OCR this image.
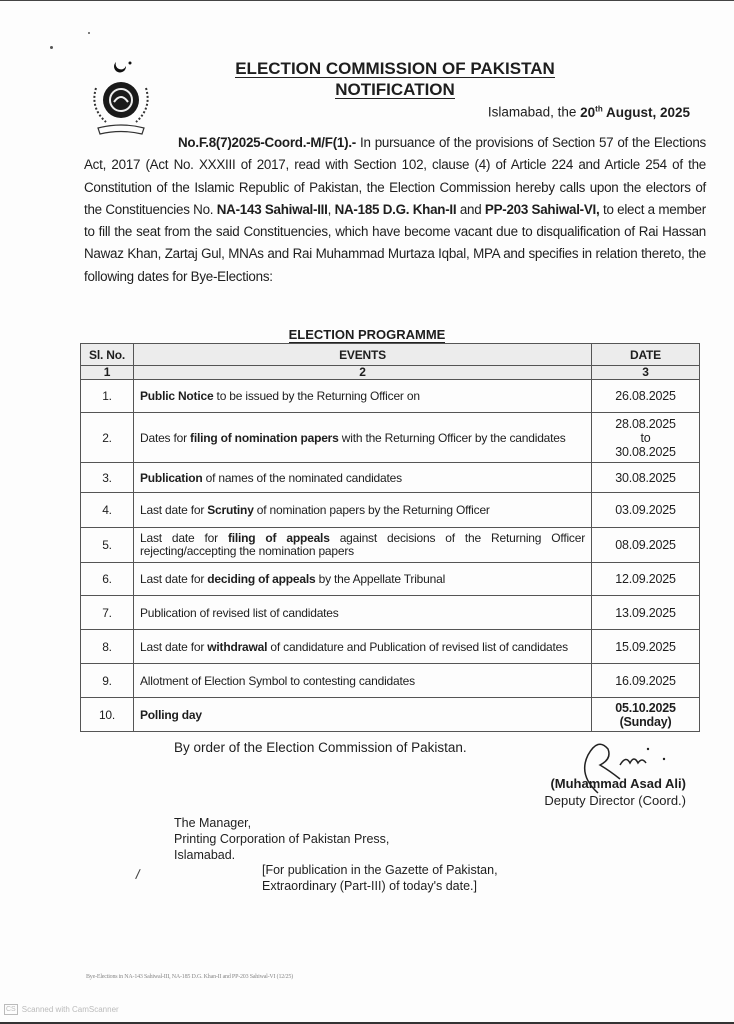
ELECTION COMMISSION OF PAKISTAN
NOTIFICATION
Islamabad, the 20th August, 2025
No.F.8(7)2025-Coord.-M/F(1).- In pursuance of the provisions of Section 57 of the Elections Act, 2017 (Act No. XXXIII of 2017, read with Section 102, clause (4) of Article 224 and Article 254 of the Constitution of the Islamic Republic of Pakistan, the Election Commission hereby calls upon the electors of the Constituencies No. NA-143 Sahiwal-III, NA-185 D.G. Khan-II and PP-203 Sahiwal-VI, to elect a member to fill the seat from the said Constituencies, which have become vacant due to disqualification of Rai Hassan Nawaz Khan, Zartaj Gul, MNAs and Rai Muhammad Murtaza Iqbal, MPA and specifies in relation thereto, the following dates for Bye-Elections:
ELECTION PROGRAMME
Sl. No.	EVENTS	DATE
1	2	3
1.	Public Notice to be issued by the Returning Officer on	26.08.2025
2.	Dates for filing of nomination papers with the Returning Officer by the candidates	28.08.2025
to
30.08.2025
3.	Publication of names of the nominated candidates	30.08.2025
4.	Last date for Scrutiny of nomination papers by the Returning Officer	03.09.2025
5.	Last date for filing of appeals against decisions of the Returning Officer rejecting/accepting the nomination papers	08.09.2025
6.	Last date for deciding of appeals by the Appellate Tribunal	12.09.2025
7.	Publication of revised list of candidates	13.09.2025
8.	Last date for withdrawal of candidature and Publication of revised list of candidates	15.09.2025
9.	Allotment of Election Symbol to contesting candidates	16.09.2025
10.	Polling day	05.10.2025
(Sunday)
By order of the Election Commission of Pakistan.
(Muhammad Asad Ali)
Deputy Director (Coord.)
The Manager,
Printing Corporation of Pakistan Press,
Islamabad.
/	[For publication in the Gazette of Pakistan,
Extraordinary (Part-III) of today's date.]
Bye-Elections in NA-143 Sahiwal-III, NA-185 D.G. Khan-II and PP-203 Sahiwal-VI (12/25)
CS Scanned with CamScanner
